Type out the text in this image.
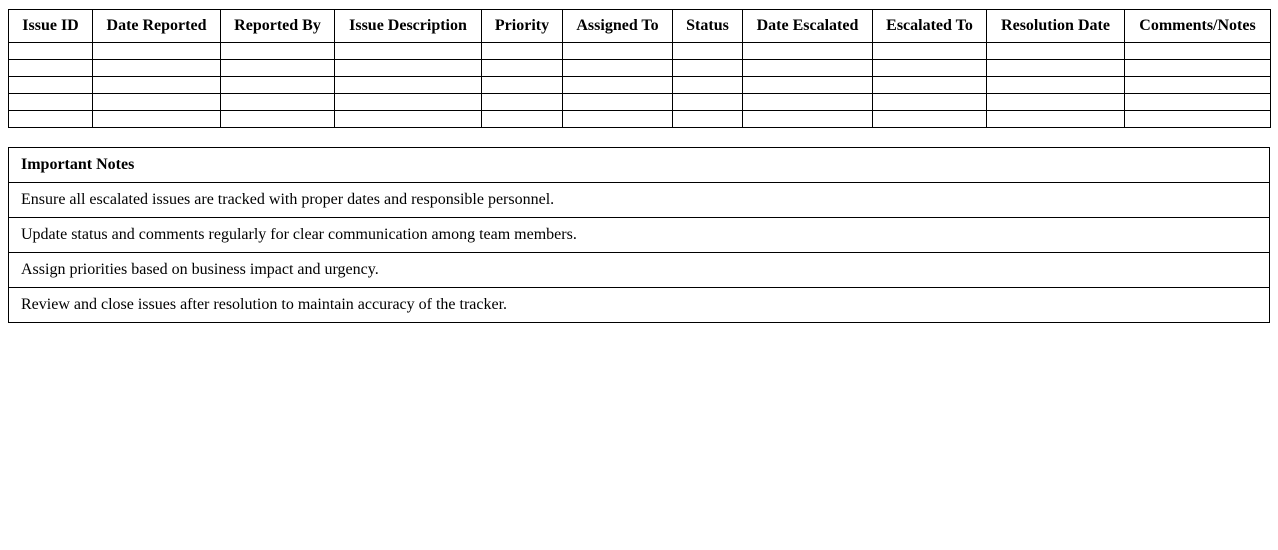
Issue ID	Date Reported	Reported By	Issue Description	Priority	Assigned To	Status	Date Escalated	Escalated To	Resolution Date	Comments/Notes

Important Notes
Ensure all escalated issues are tracked with proper dates and responsible personnel.
Update status and comments regularly for clear communication among team members.
Assign priorities based on business impact and urgency.
Review and close issues after resolution to maintain accuracy of the tracker.
